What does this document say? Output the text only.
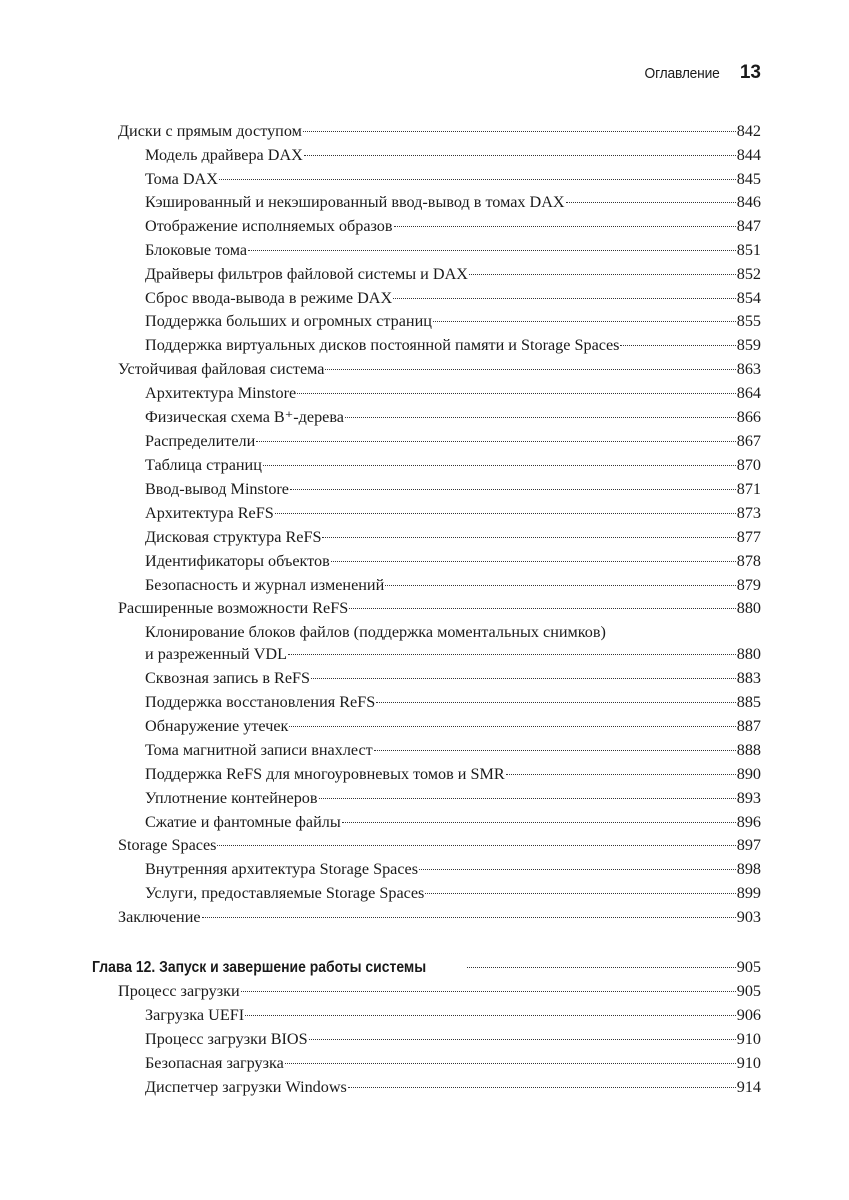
Оглавление 13
Диски с прямым доступом	842
Модель драйвера DAX	844
Тома DAX	845
Кэшированный и некэшированный ввод-вывод в томах DAX	846
Отображение исполняемых образов	847
Блоковые тома	851
Драйверы фильтров файловой системы и DAX	852
Сброс ввода-вывода в режиме DAX	854
Поддержка больших и огромных страниц	855
Поддержка виртуальных дисков постоянной памяти и Storage Spaces	859
Устойчивая файловая система	863
Архитектура Minstore	864
Физическая схема B⁺-дерева	866
Распределители	867
Таблица страниц	870
Ввод-вывод Minstore	871
Архитектура ReFS	873
Дисковая структура ReFS	877
Идентификаторы объектов	878
Безопасность и журнал изменений	879
Расширенные возможности ReFS	880
Клонирование блоков файлов (поддержка моментальных снимков)
и разреженный VDL	880
Сквозная запись в ReFS	883
Поддержка восстановления ReFS	885
Обнаружение утечек	887
Тома магнитной записи внахлест	888
Поддержка ReFS для многоуровневых томов и SMR	890
Уплотнение контейнеров	893
Сжатие и фантомные файлы	896
Storage Spaces	897
Внутренняя архитектура Storage Spaces	898
Услуги, предоставляемые Storage Spaces	899
Заключение	903
Глава 12. Запуск и завершение работы системы	905
Процесс загрузки	905
Загрузка UEFI	906
Процесс загрузки BIOS	910
Безопасная загрузка	910
Диспетчер загрузки Windows	914
